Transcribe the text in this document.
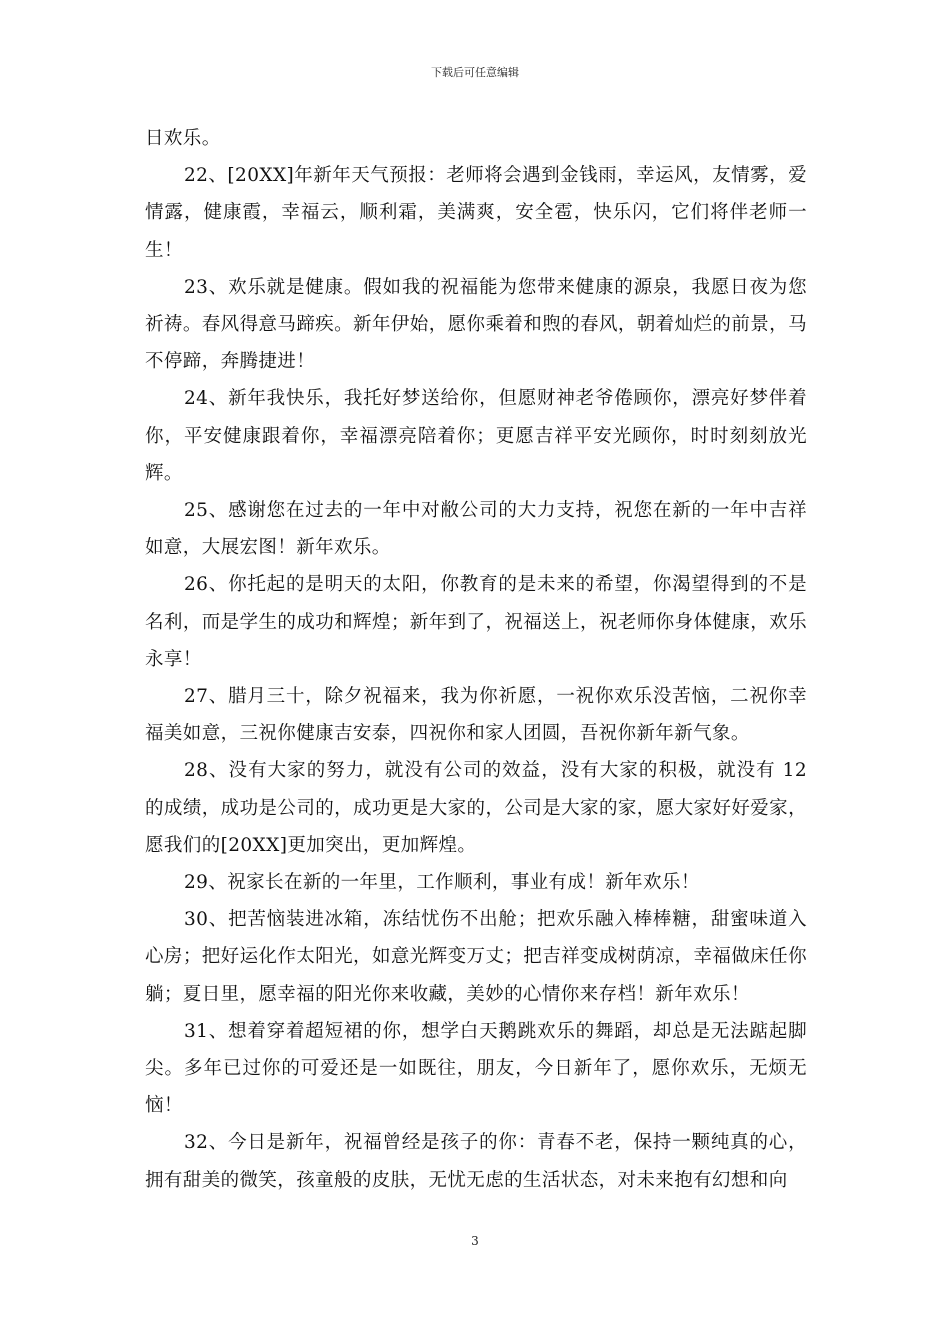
下载后可任意编辑

日欢乐。

22、[20XX]年新年天气预报：老师将会遇到金钱雨，幸运风，友情雾，爱情露，健康霞，幸福云，顺利霜，美满爽，安全雹，快乐闪，它们将伴老师一生！

23、欢乐就是健康。假如我的祝福能为您带来健康的源泉，我愿日夜为您祈祷。春风得意马蹄疾。新年伊始，愿你乘着和煦的春风，朝着灿烂的前景，马不停蹄，奔腾捷进！

24、新年我快乐，我托好梦送给你，但愿财神老爷倦顾你，漂亮好梦伴着你，平安健康跟着你，幸福漂亮陪着你；更愿吉祥平安光顾你，时时刻刻放光辉。

25、感谢您在过去的一年中对敝公司的大力支持，祝您在新的一年中吉祥如意，大展宏图！新年欢乐。

26、你托起的是明天的太阳，你教育的是未来的希望，你渴望得到的不是名利，而是学生的成功和辉煌；新年到了，祝福送上，祝老师你身体健康，欢乐永享！

27、腊月三十，除夕祝福来，我为你祈愿，一祝你欢乐没苦恼，二祝你幸福美如意，三祝你健康吉安泰，四祝你和家人团圆，吾祝你新年新气象。

28、没有大家的努力，就没有公司的效益，没有大家的积极，就没有 12 的成绩，成功是公司的，成功更是大家的，公司是大家的家，愿大家好好爱家，愿我们的[20XX]更加突出，更加辉煌。

29、祝家长在新的一年里，工作顺利，事业有成！新年欢乐！

30、把苦恼装进冰箱，冻结忧伤不出舱；把欢乐融入棒棒糖，甜蜜味道入心房；把好运化作太阳光，如意光辉变万丈；把吉祥变成树荫凉，幸福做床任你躺；夏日里，愿幸福的阳光你来收藏，美妙的心情你来存档！新年欢乐！

31、想着穿着超短裙的你，想学白天鹅跳欢乐的舞蹈，却总是无法踮起脚尖。多年已过你的可爱还是一如既往，朋友，今日新年了，愿你欢乐，无烦无恼！

32、今日是新年，祝福曾经是孩子的你：青春不老，保持一颗纯真的心，拥有甜美的微笑，孩童般的皮肤，无忧无虑的生活状态，对未来抱有幻想和向

3
